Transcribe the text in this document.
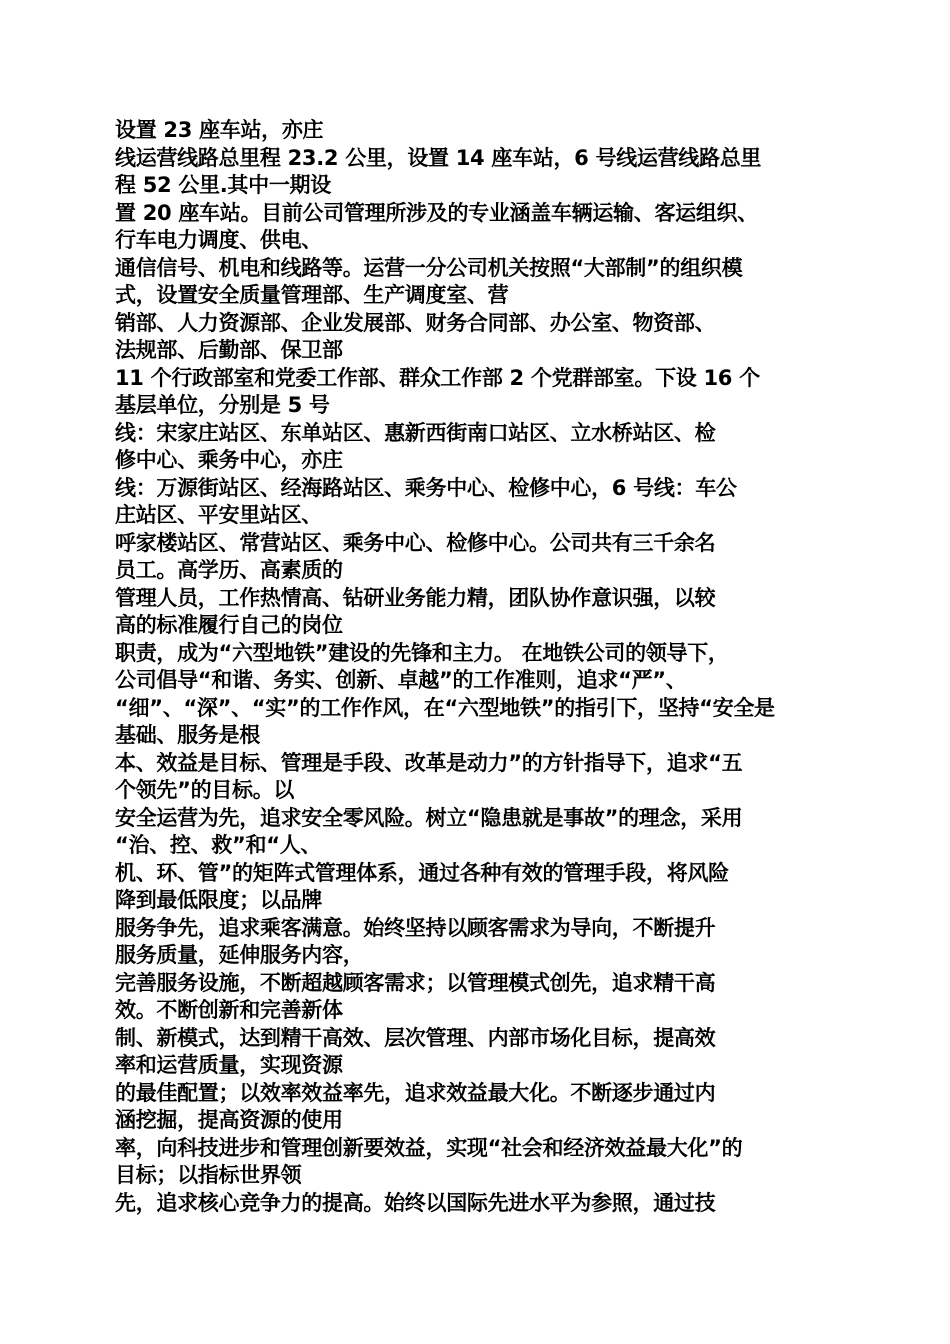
设置 23 座车站，亦庄
线运营线路总里程 23.2 公里，设置 14 座车站，6 号线运营线路总里
程 52 公里.其中一期设
置 20 座车站。目前公司管理所涉及的专业涵盖车辆运输、客运组织、
行车电力调度、供电、
通信信号、机电和线路等。运营一分公司机关按照“大部制”的组织模
式，设置安全质量管理部、生产调度室、营
销部、人力资源部、企业发展部、财务合同部、办公室、物资部、
法规部、后勤部、保卫部
11 个行政部室和党委工作部、群众工作部 2 个党群部室。下设 16 个
基层单位，分别是 5 号
线：宋家庄站区、东单站区、惠新西街南口站区、立水桥站区、检
修中心、乘务中心，亦庄
线：万源街站区、经海路站区、乘务中心、检修中心，6 号线：车公
庄站区、平安里站区、
呼家楼站区、常营站区、乘务中心、检修中心。公司共有三千余名
员工。高学历、高素质的
管理人员，工作热情高、钻研业务能力精，团队协作意识强，以较
高的标准履行自己的岗位
职责，成为“六型地铁”建设的先锋和主力。 在地铁公司的领导下，
公司倡导“和谐、务实、创新、卓越”的工作准则，追求“严”、
“细”、“深”、“实”的工作作风，在“六型地铁”的指引下，坚持“安全是
基础、服务是根
本、效益是目标、管理是手段、改革是动力”的方针指导下，追求“五
个领先”的目标。以
安全运营为先，追求安全零风险。树立“隐患就是事故”的理念，采用
“治、控、救”和“人、
机、环、管”的矩阵式管理体系，通过各种有效的管理手段，将风险
降到最低限度；以品牌
服务争先，追求乘客满意。始终坚持以顾客需求为导向，不断提升
服务质量，延伸服务内容，
完善服务设施，不断超越顾客需求；以管理模式创先，追求精干高
效。不断创新和完善新体
制、新模式，达到精干高效、层次管理、内部市场化目标，提高效
率和运营质量，实现资源
的最佳配置；以效率效益率先，追求效益最大化。不断逐步通过内
涵挖掘，提高资源的使用
率，向科技进步和管理创新要效益，实现“社会和经济效益最大化”的
目标；以指标世界领
先，追求核心竞争力的提高。始终以国际先进水平为参照，通过技
